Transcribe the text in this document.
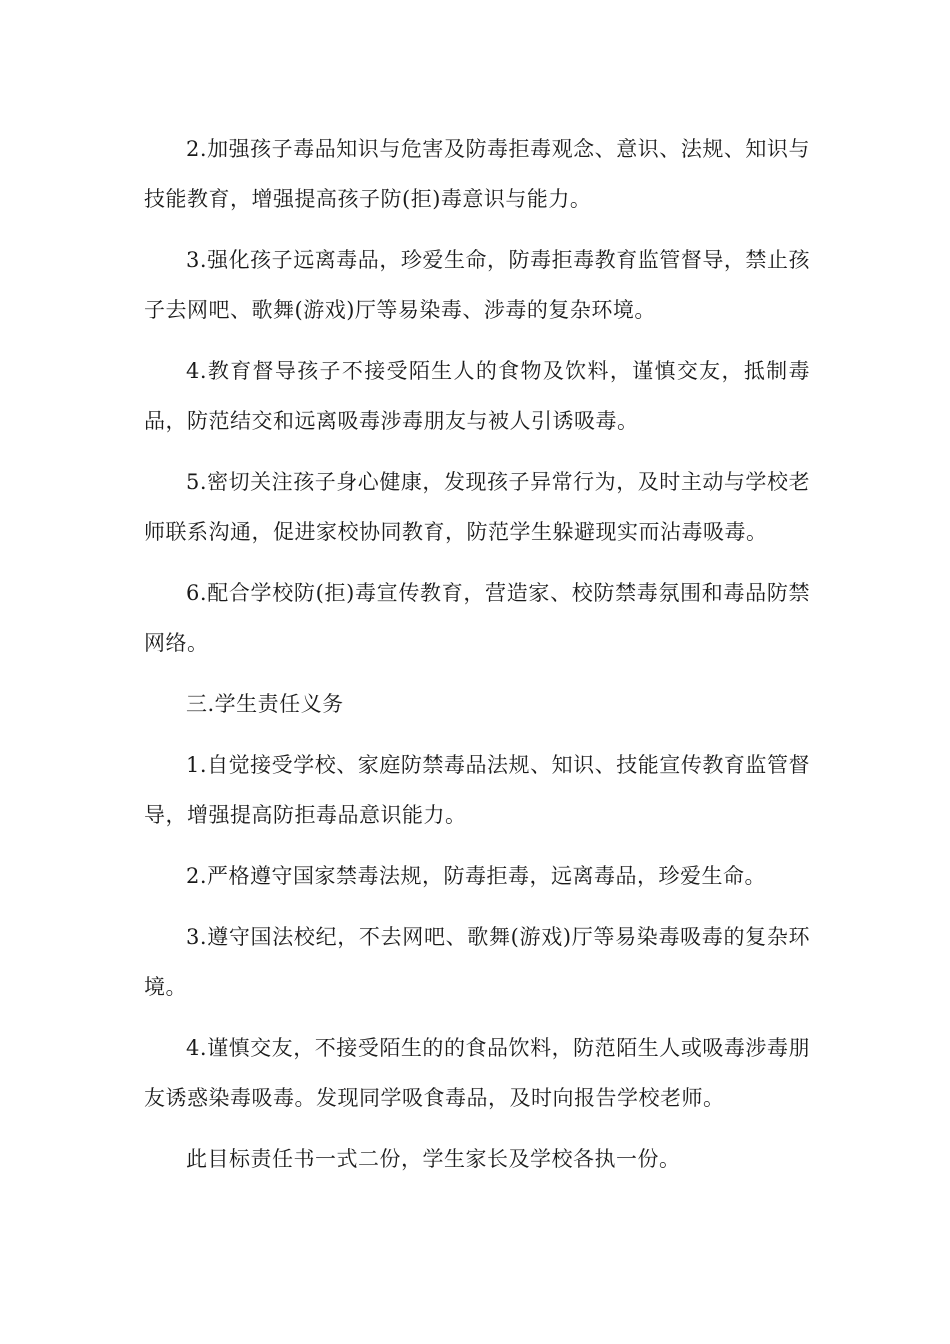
2.加强孩子毒品知识与危害及防毒拒毒观念、意识、法规、知识与技能教育，增强提高孩子防(拒)毒意识与能力。

3.强化孩子远离毒品，珍爱生命，防毒拒毒教育监管督导，禁止孩子去网吧、歌舞(游戏)厅等易染毒、涉毒的复杂环境。

4.教育督导孩子不接受陌生人的食物及饮料，谨慎交友，抵制毒品，防范结交和远离吸毒涉毒朋友与被人引诱吸毒。

5.密切关注孩子身心健康，发现孩子异常行为，及时主动与学校老师联系沟通，促进家校协同教育，防范学生躲避现实而沾毒吸毒。

6.配合学校防(拒)毒宣传教育，营造家、校防禁毒氛围和毒品防禁网络。

三.学生责任义务

1.自觉接受学校、家庭防禁毒品法规、知识、技能宣传教育监管督导，增强提高防拒毒品意识能力。

2.严格遵守国家禁毒法规，防毒拒毒，远离毒品，珍爱生命。

3.遵守国法校纪，不去网吧、歌舞(游戏)厅等易染毒吸毒的复杂环境。

4.谨慎交友，不接受陌生的的食品饮料，防范陌生人或吸毒涉毒朋友诱惑染毒吸毒。发现同学吸食毒品，及时向报告学校老师。

此目标责任书一式二份，学生家长及学校各执一份。
